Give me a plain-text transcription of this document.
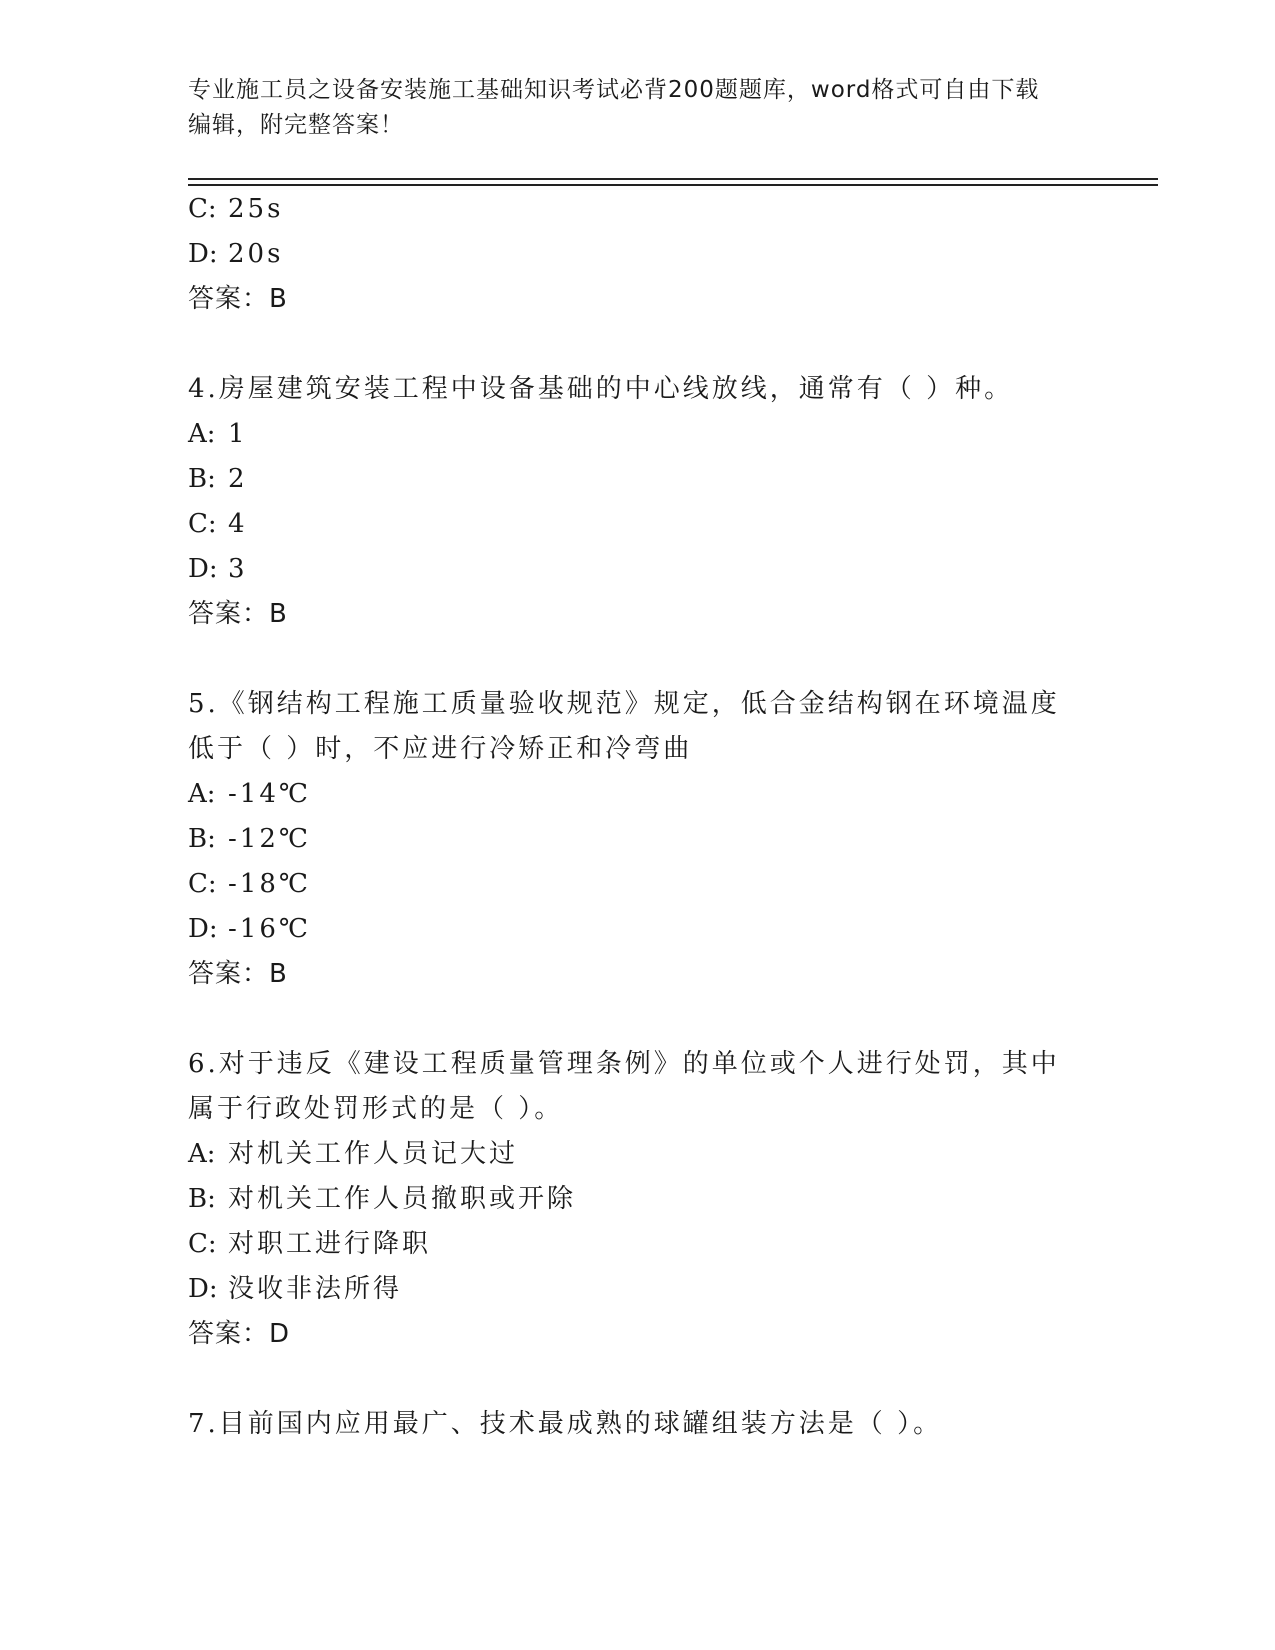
专业施工员之设备安装施工基础知识考试必背200题题库，word格式可自由下载
编辑，附完整答案！
C: 25s
D: 20s
答案：B
4.房屋建筑安装工程中设备基础的中心线放线，通常有（ ）种。
A: 1
B: 2
C: 4
D: 3
答案：B
5.《钢结构工程施工质量验收规范》规定，低合金结构钢在环境温度
低于（ ）时，不应进行冷矫正和冷弯曲
A: -14℃
B: -12℃
C: -18℃
D: -16℃
答案：B
6.对于违反《建设工程质量管理条例》的单位或个人进行处罚，其中
属于行政处罚形式的是（ ）。
A: 对机关工作人员记大过
B: 对机关工作人员撤职或开除
C: 对职工进行降职
D: 没收非法所得
答案：D
7.目前国内应用最广、技术最成熟的球罐组装方法是（ ）。
